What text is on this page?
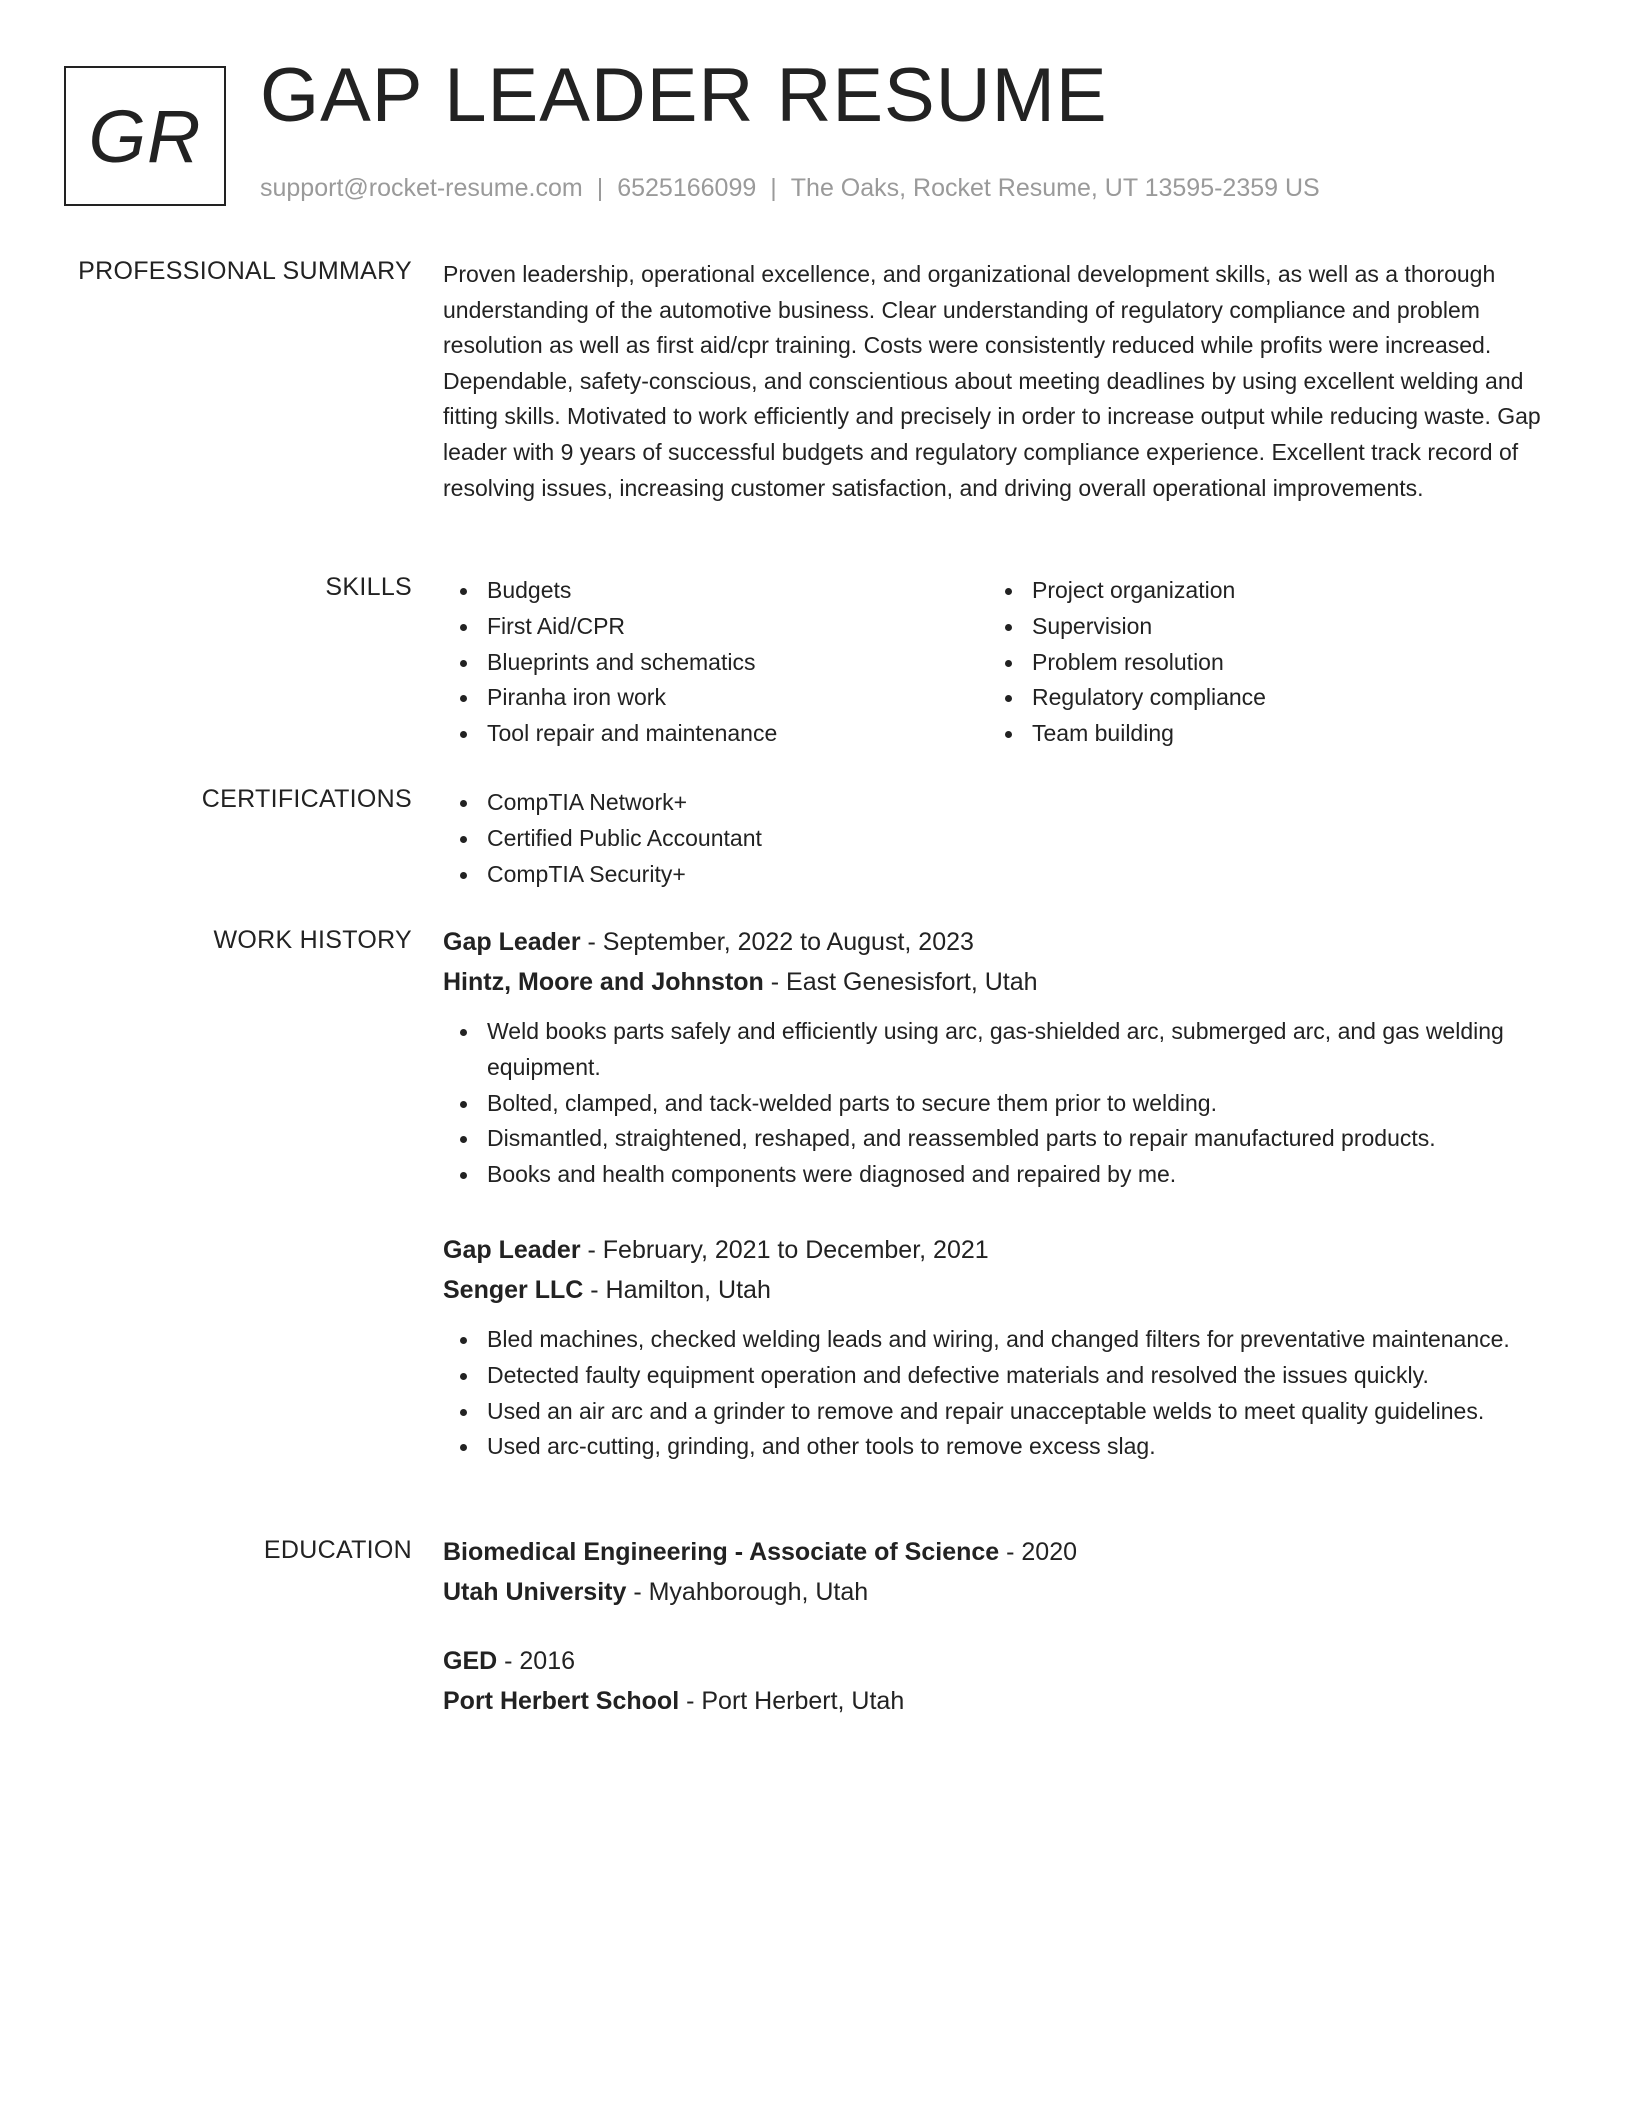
GR GAP LEADER RESUME
support@rocket-resume.com | 6525166099 | The Oaks, Rocket Resume, UT 13595-2359 US
PROFESSIONAL SUMMARY Proven leadership, operational excellence, and organizational development skills, as well as a thorough understanding of the automotive business. Clear understanding of regulatory compliance and problem resolution as well as first aid/cpr training. Costs were consistently reduced while profits were increased. Dependable, safety-conscious, and conscientious about meeting deadlines by using excellent welding and fitting skills. Motivated to work efficiently and precisely in order to increase output while reducing waste. Gap leader with 9 years of successful budgets and regulatory compliance experience. Excellent track record of resolving issues, increasing customer satisfaction, and driving overall operational improvements.

SKILLS	Budgets
First Aid/CPR
Blueprints and schematics
Piranha iron work
Tool repair and maintenance
Project organization
Supervision
Problem resolution
Regulatory compliance
Team building
CERTIFICATIONS	CompTIA Network+
Certified Public Accountant
CompTIA Security+
WORK HISTORY Gap Leader - September, 2022 to August, 2023
Hintz, Moore and Johnston - East Genesisfort, Utah
Weld books parts safely and efficiently using arc, gas-shielded arc, submerged arc, and gas welding equipment.
Bolted, clamped, and tack-welded parts to secure them prior to welding.
Dismantled, straightened, reshaped, and reassembled parts to repair manufactured products.
Books and health components were diagnosed and repaired by me.
Gap Leader - February, 2021 to December, 2021
Senger LLC - Hamilton, Utah
Bled machines, checked welding leads and wiring, and changed filters for preventative maintenance.
Detected faulty equipment operation and defective materials and resolved the issues quickly.
Used an air arc and a grinder to remove and repair unacceptable welds to meet quality guidelines.
Used arc-cutting, grinding, and other tools to remove excess slag.
EDUCATION Biomedical Engineering - Associate of Science - 2020
Utah University - Myahborough, Utah
GED - 2016
Port Herbert School - Port Herbert, Utah
